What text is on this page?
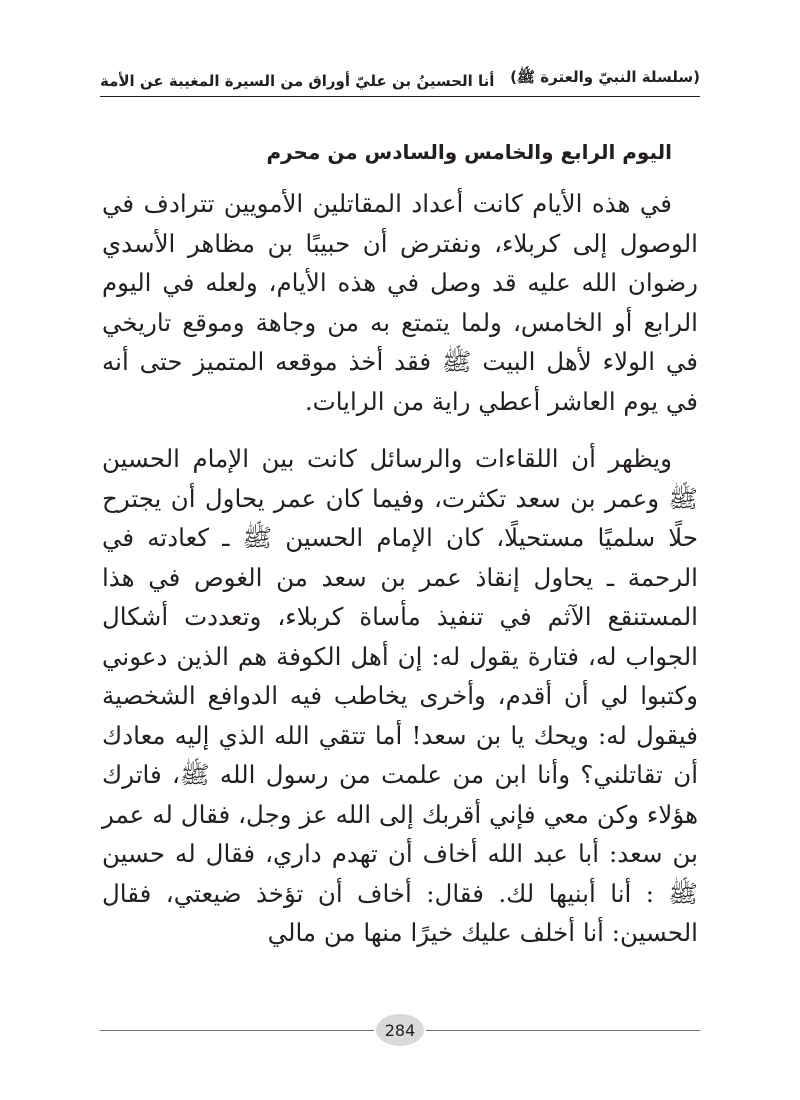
(سلسلة النبيّ والعترة ﷺ)
أنا الحسينُ بن عليّ أوراق من السيرة المغيبة عن الأمة
اليوم الرابع والخامس والسادس من محرم

في هذه الأيام كانت أعداد المقاتلين الأمويين تترادف في الوصول إلى كربلاء، ونفترض أن حبيبًا بن مظاهر الأسدي رضوان الله عليه قد وصل في هذه الأيام، ولعله في اليوم الرابع أو الخامس، ولما يتمتع به من وجاهة وموقع تاريخي في الولاء لأهل البيت ﷺ فقد أخذ موقعه المتميز حتى أنه في يوم العاشر أعطي راية من الرايات.

ويظهر أن اللقاءات والرسائل كانت بين الإمام الحسين ﷺ وعمر بن سعد تكثرت، وفيما كان عمر يحاول أن يجترح حلًا سلميًا مستحيلًا، كان الإمام الحسين ﷺ ـ كعادته في الرحمة ـ يحاول إنقاذ عمر بن سعد من الغوص في هذا المستنقع الآثم في تنفيذ مأساة كربلاء، وتعددت أشكال الجواب له، فتارة يقول له: إن أهل الكوفة هم الذين دعوني وكتبوا لي أن أقدم، وأخرى يخاطب فيه الدوافع الشخصية فيقول له: ويحك يا بن سعد! أما تتقي الله الذي إليه معادك أن تقاتلني؟ وأنا ابن من علمت من رسول الله ﷺ، فاترك هؤلاء وكن معي فإني أقربك إلى الله عز وجل، فقال له عمر بن سعد: أبا عبد الله أخاف أن تهدم داري، فقال له حسين ﷺ : أنا أبنيها لك. فقال: أخاف أن تؤخذ ضيعتي، فقال الحسين: أنا أخلف عليك خيرًا منها من مالي

284
